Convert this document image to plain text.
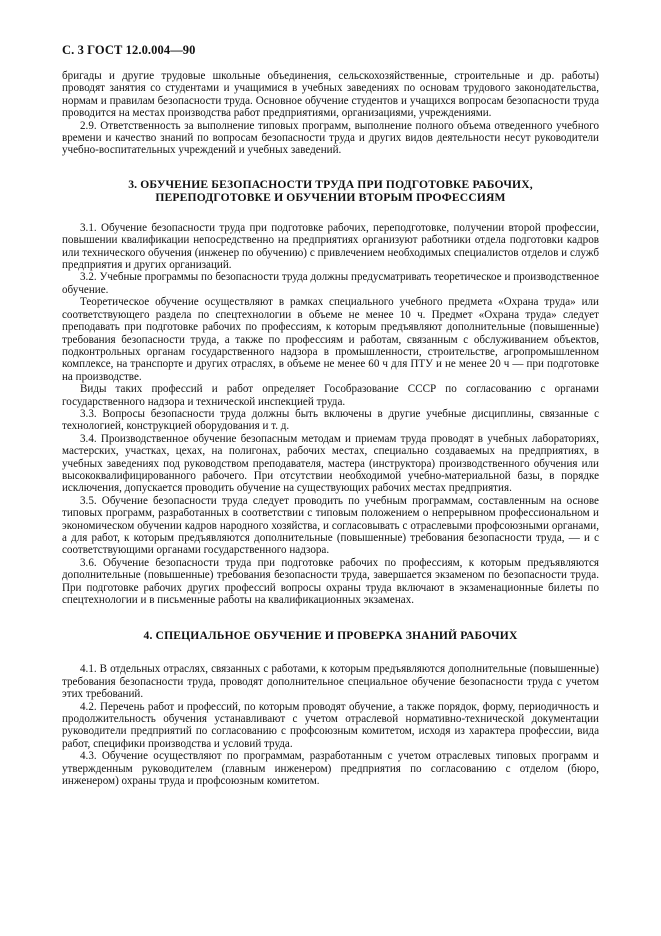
С. 3 ГОСТ 12.0.004—90

бригады и другие трудовые школьные объединения, сельскохозяйственные, строительные и др. работы) проводят занятия со студентами и учащимися в учебных заведениях по основам трудового законодательства, нормам и правилам безопасности труда. Основное обучение студентов и учащихся вопросам безопасности труда проводится на местах производства работ предприятиями, организациями, учреждениями.

2.9. Ответственность за выполнение типовых программ, выполнение полного объема отведенного учебного времени и качество знаний по вопросам безопасности труда и других видов деятельности несут руководители учебно-воспитательных учреждений и учебных заведений.

3. ОБУЧЕНИЕ БЕЗОПАСНОСТИ ТРУДА ПРИ ПОДГОТОВКЕ РАБОЧИХ,
ПЕРЕПОДГОТОВКЕ И ОБУЧЕНИИ ВТОРЫМ ПРОФЕССИЯМ

3.1. Обучение безопасности труда при подготовке рабочих, переподготовке, получении второй профессии, повышении квалификации непосредственно на предприятиях организуют работники отдела подготовки кадров или технического обучения (инженер по обучению) с привлечением необходимых специалистов отделов и служб предприятия и других организаций.

3.2. Учебные программы по безопасности труда должны предусматривать теоретическое и производственное обучение.

Теоретическое обучение осуществляют в рамках специального учебного предмета «Охрана труда» или соответствующего раздела по спецтехнологии в объеме не менее 10 ч. Предмет «Охрана труда» следует преподавать при подготовке рабочих по профессиям, к которым предъявляют дополнительные (повышенные) требования безопасности труда, а также по профессиям и работам, связанным с обслуживанием объектов, подконтрольных органам государственного надзора в промышленности, строительстве, агропромышленном комплексе, на транспорте и других отраслях, в объеме не менее 60 ч для ПТУ и не менее 20 ч — при подготовке на производстве.

Виды таких профессий и работ определяет Гособразование СССР по согласованию с органами государственного надзора и технической инспекцией труда.

3.3. Вопросы безопасности труда должны быть включены в другие учебные дисциплины, связанные с технологией, конструкцией оборудования и т. д.

3.4. Производственное обучение безопасным методам и приемам труда проводят в учебных лабораториях, мастерских, участках, цехах, на полигонах, рабочих местах, специально создаваемых на предприятиях, в учебных заведениях под руководством преподавателя, мастера (инструктора) производственного обучения или высококвалифицированного рабочего. При отсутствии необходимой учебно-материальной базы, в порядке исключения, допускается проводить обучение на существующих рабочих местах предприятия.

3.5. Обучение безопасности труда следует проводить по учебным программам, составленным на основе типовых программ, разработанных в соответствии с типовым положением о непрерывном профессиональном и экономическом обучении кадров народного хозяйства, и согласовывать с отраслевыми профсоюзными органами, а для работ, к которым предъявляются дополнительные (повышенные) требования безопасности труда, — и с соответствующими органами государственного надзора.

3.6. Обучение безопасности труда при подготовке рабочих по профессиям, к которым предъявляются дополнительные (повышенные) требования безопасности труда, завершается экзаменом по безопасности труда. При подготовке рабочих других профессий вопросы охраны труда включают в экзаменационные билеты по спецтехнологии и в письменные работы на квалификационных экзаменах.

4. СПЕЦИАЛЬНОЕ ОБУЧЕНИЕ И ПРОВЕРКА ЗНАНИЙ РАБОЧИХ

4.1. В отдельных отраслях, связанных с работами, к которым предъявляются дополнительные (повышенные) требования безопасности труда, проводят дополнительное специальное обучение безопасности труда с учетом этих требований.

4.2. Перечень работ и профессий, по которым проводят обучение, а также порядок, форму, периодичность и продолжительность обучения устанавливают с учетом отраслевой нормативно-технической документации руководители предприятий по согласованию с профсоюзным комитетом, исходя из характера профессии, вида работ, специфики производства и условий труда.

4.3. Обучение осуществляют по программам, разработанным с учетом отраслевых типовых программ и утвержденным руководителем (главным инженером) предприятия по согласованию с отделом (бюро, инженером) охраны труда и профсоюзным комитетом.
